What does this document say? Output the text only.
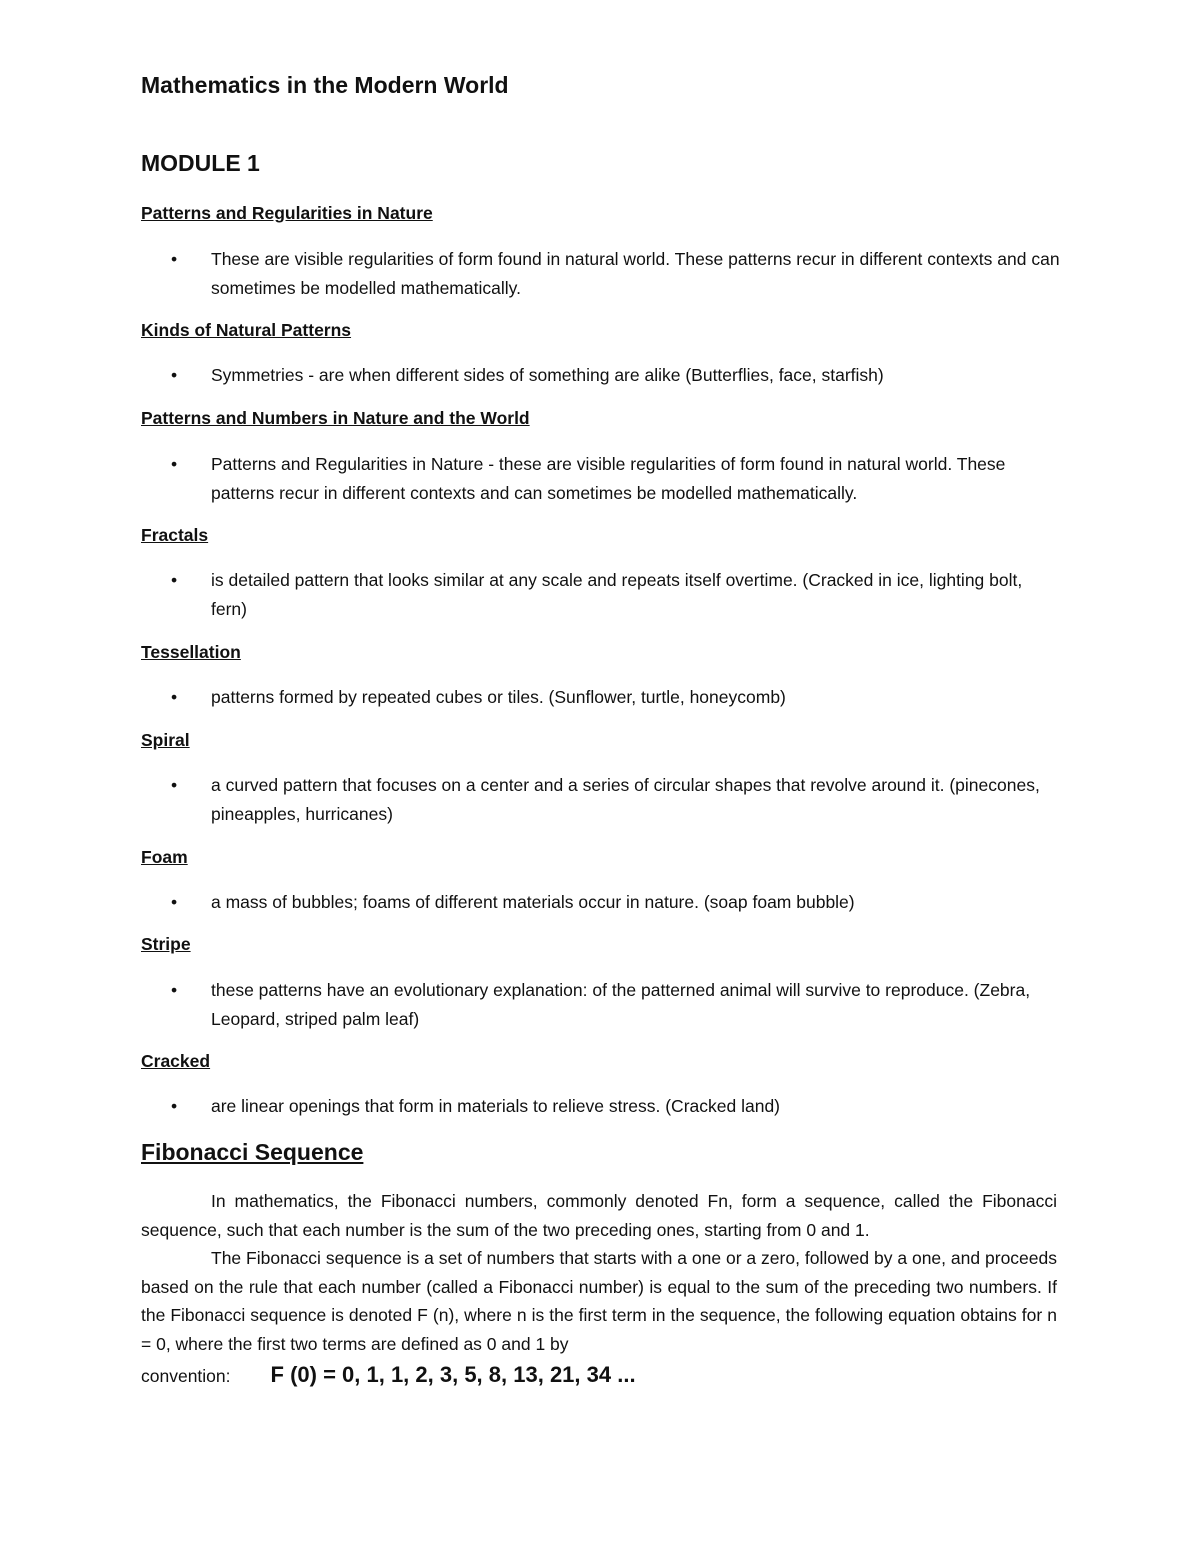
Mathematics in the Modern World
MODULE 1
Patterns and Regularities in Nature
• These are visible regularities of form found in natural world. These patterns recur in different contexts and can sometimes be modelled mathematically.
Kinds of Natural Patterns
• Symmetries - are when different sides of something are alike (Butterflies, face, starfish)
Patterns and Numbers in Nature and the World
• Patterns and Regularities in Nature - these are visible regularities of form found in natural world. These patterns recur in different contexts and can sometimes be modelled mathematically.
Fractals
• is detailed pattern that looks similar at any scale and repeats itself overtime. (Cracked in ice, lighting bolt, fern)
Tessellation
• patterns formed by repeated cubes or tiles. (Sunflower, turtle, honeycomb)
Spiral
• a curved pattern that focuses on a center and a series of circular shapes that revolve around it. (pinecones, pineapples, hurricanes)
Foam
• a mass of bubbles; foams of different materials occur in nature. (soap foam bubble)
Stripe
• these patterns have an evolutionary explanation: of the patterned animal will survive to reproduce. (Zebra, Leopard, striped palm leaf)
Cracked
• are linear openings that form in materials to relieve stress. (Cracked land)
Fibonacci Sequence
In mathematics, the Fibonacci numbers, commonly denoted Fn, form a sequence, called the Fibonacci sequence, such that each number is the sum of the two preceding ones, starting from 0 and 1.
The Fibonacci sequence is a set of numbers that starts with a one or a zero, followed by a one, and proceeds based on the rule that each number (called a Fibonacci number) is equal to the sum of the preceding two numbers. If the Fibonacci sequence is denoted F (n), where n is the first term in the sequence, the following equation obtains for n = 0, where the first two terms are defined as 0 and 1 by
convention: F (0) = 0, 1, 1, 2, 3, 5, 8, 13, 21, 34 ...
